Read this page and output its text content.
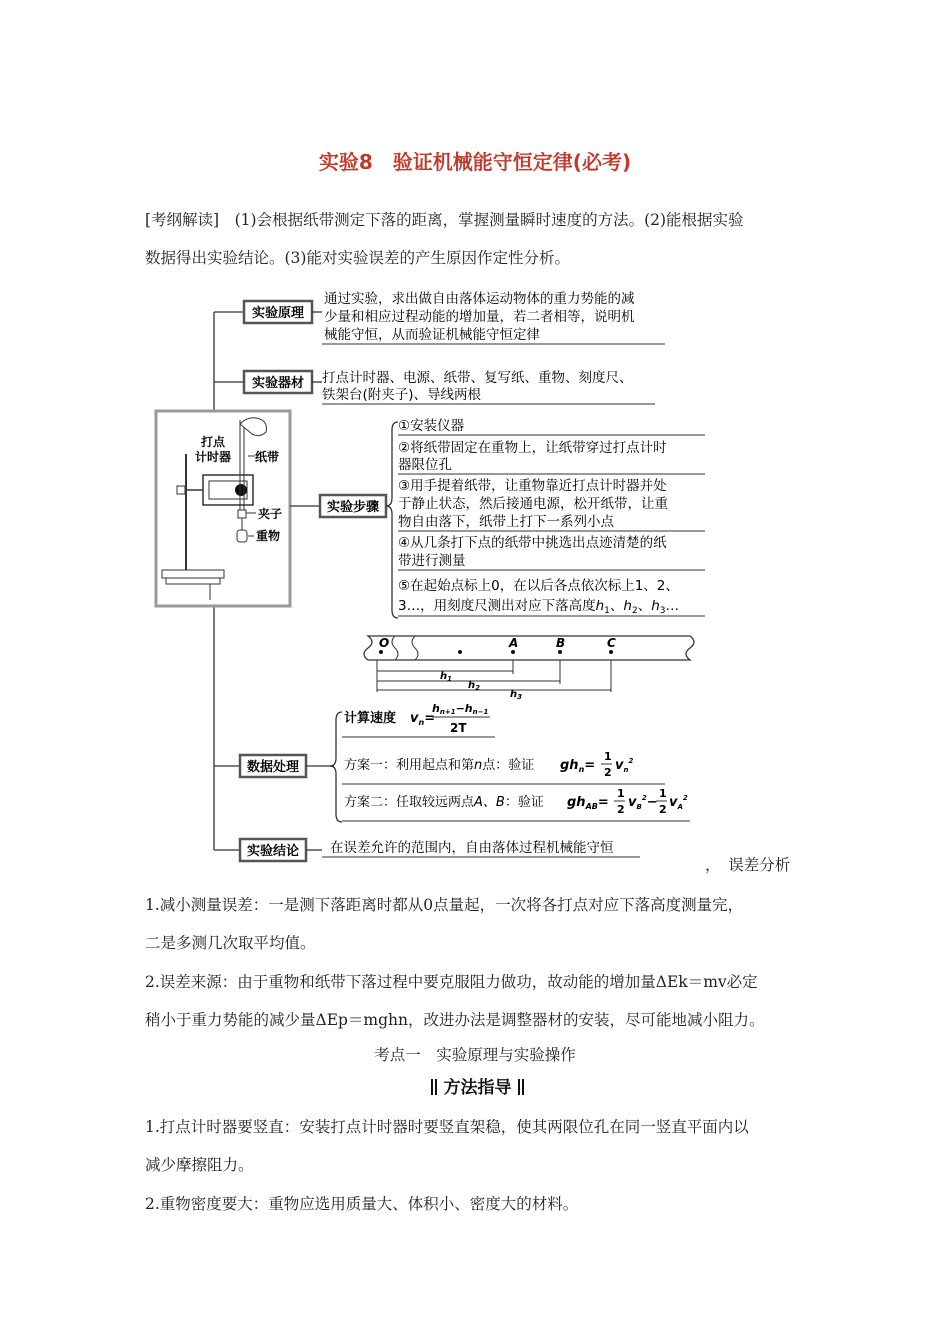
实验8　验证机械能守恒定律(必考)
[考纲解读]　 (1)会根据纸带测定下落的距离，掌握测量瞬时速度的方法。(2)能根据实验
数据得出实验结论。(3)能对实验误差的产生原因作定性分析。
实验原理
通过实验，求出做自由落体运动物体的重力势能的减
少量和相应过程动能的增加量，若二者相等，说明机
械能守恒，从而验证机械能守恒定律
实验器材 打点计时器、电源、纸带、复写纸、重物、刻度尺、
铁架台(附夹子)、导线两根
打点
计时器 纸带
夹子
重物
实验步骤
①安装仪器
②将纸带固定在重物上，让纸带穿过打点计时
器限位孔
③用手提着纸带，让重物靠近打点计时器并处
于静止状态，然后接通电源，松开纸带，让重
物自由落下，纸带上打下一系列小点
④从几条打下点的纸带中挑选出点迹清楚的纸
带进行测量
⑤在起始点标上0，在以后各点依次标上1、2、
3…，用刻度尺测出对应下落高度$h_1$、$h_2$、$h_3\dots$
O	A	B	C
$h_1$
$h_2$
$h_3$
数据处理
计算速度 $v_n=$
hn+1−hn−1
2T
方案一：利用起点和第n点：验证 $gh_n=$
1
2 $v_n^2$
方案二：任取较远两点A、B：验证 $gh_{AB}=$
1
2 $v_B^2-$
1
2 $v_A^2$
实验结论 在误差允许的范围内，自由落体过程机械能守恒
，　误差分析
1.减小测量误差：一是测下落距离时都从0点量起，一次将各打点对应下落高度测量完，
二是多测几次取平均值。
2.误差来源：由于重物和纸带下落过程中要克服阻力做功，故动能的增加量ΔEk＝mv必定
稍小于重力势能的减少量ΔEp＝mghn，改进办法是调整器材的安装，尽可能地减小阻力。
考点一　实验原理与实验操作
方法指导
1.打点计时器要竖直：安装打点计时器时要竖直架稳，使其两限位孔在同一竖直平面内以
减少摩擦阻力。
2.重物密度要大：重物应选用质量大、体积小、密度大的材料。
